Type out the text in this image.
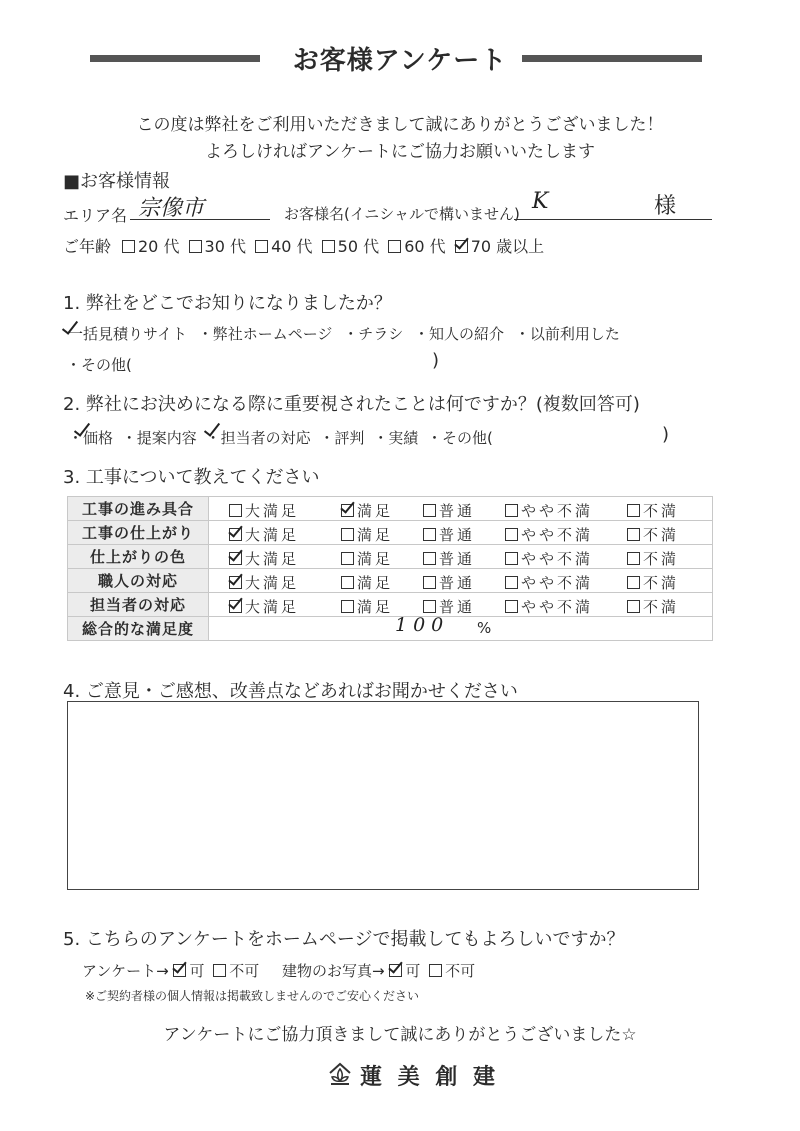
お客様アンケート
この度は弊社をご利用いただきまして誠にありがとうございました！
よろしければアンケートにご協力お願いいたします
■お客様情報
エリア名 宗像市	お客様名(イニシャルで構いません) K	様
ご年齢	20 代 30 代 40 代 50 代 60 代 70 歳以上
1. 弊社をどこでお知りになりましたか？
一括見積りサイト ・弊社ホームページ ・チラシ ・知人の紹介 ・以前利用した
・その他(	)
2. 弊社にお決めになる際に重要視されたことは何ですか？(複数回答可)
・価格 ・提案内容 ・担当者の対応 ・評判 ・実績 ・その他(	)
3. 工事について教えてください
工事の進み具合	大満足 満足 普通 やや不満 不満

工事の仕上がり	大満足 満足 普通 やや不満 不満

仕上がりの色	大満足 満足 普通 やや不満 不満

職人の対応	大満足 満足 普通 やや不満 不満

担当者の対応	大満足 満足 普通 やや不満 不満

総合的な満足度	100 %
4. ご意見・ご感想、改善点などあればお聞かせください
5. こちらのアンケートをホームページで掲載してもよろしいですか？
アンケート→ 可 不可 建物のお写真→ 可 不可
※ご契約者様の個人情報は掲載致しませんのでご安心ください
アンケートにご協力頂きまして誠にありがとうございました☆
蓮 美 創 建
